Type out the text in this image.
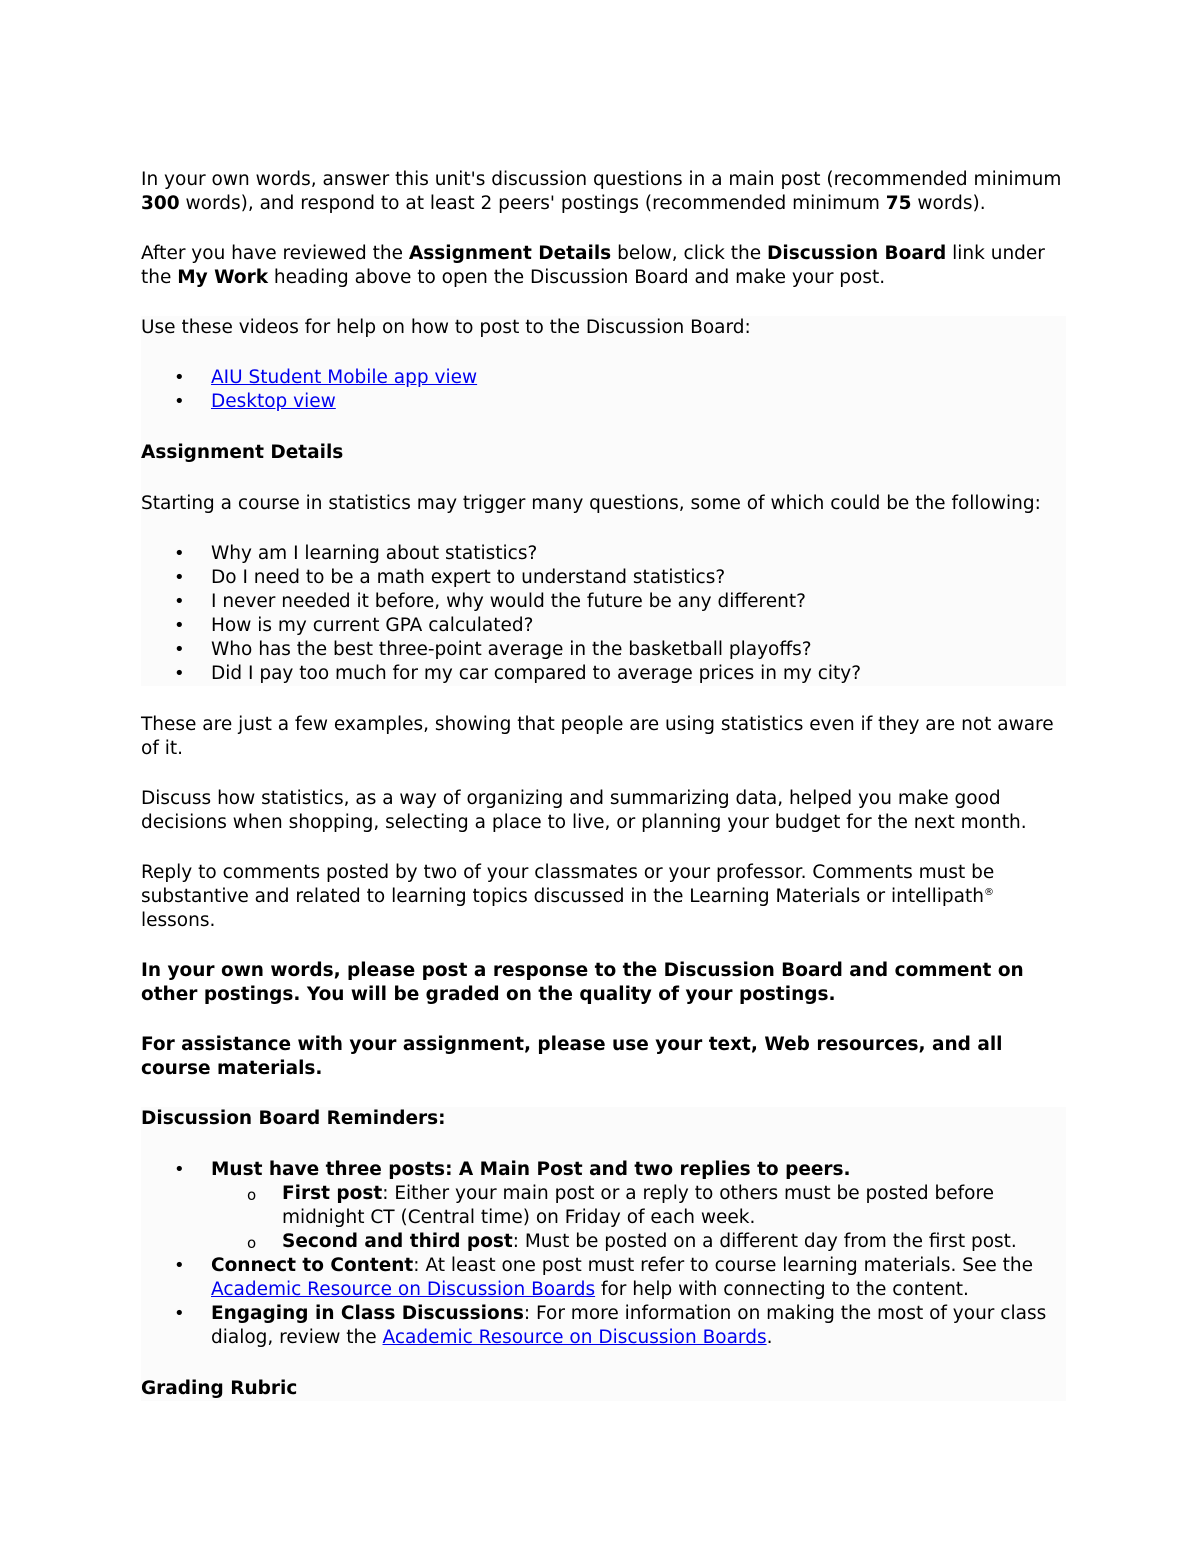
In your own words, answer this unit's discussion questions in a main post (recommended minimum 300 words), and respond to at least 2 peers' postings (recommended minimum 75 words).

After you have reviewed the Assignment Details below, click the Discussion Board link under the My Work heading above to open the Discussion Board and make your post.

Use these videos for help on how to post to the Discussion Board:

• AIU Student Mobile app view
• Desktop view
Assignment Details

Starting a course in statistics may trigger many questions, some of which could be the following:

• Why am I learning about statistics?
• Do I need to be a math expert to understand statistics?
• I never needed it before, why would the future be any different?
• How is my current GPA calculated?
• Who has the best three-point average in the basketball playoffs?
• Did I pay too much for my car compared to average prices in my city?

These are just a few examples, showing that people are using statistics even if they are not aware of it.

Discuss how statistics, as a way of organizing and summarizing data, helped you make good decisions when shopping, selecting a place to live, or planning your budget for the next month.

Reply to comments posted by two of your classmates or your professor. Comments must be substantive and related to learning topics discussed in the Learning Materials or intellipath® lessons.

In your own words, please post a response to the Discussion Board and comment on other postings. You will be graded on the quality of your postings.

For assistance with your assignment, please use your text, Web resources, and all course materials.

Discussion Board Reminders:
• Must have three posts: A Main Post and two replies to peers.
o First post: Either your main post or a reply to others must be posted before midnight CT (Central time) on Friday of each week.
o Second and third post: Must be posted on a different day from the first post.
• Connect to Content: At least one post must refer to course learning materials. See the Academic Resource on Discussion Boards for help with connecting to the content.
• Engaging in Class Discussions: For more information on making the most of your class dialog, review the Academic Resource on Discussion Boards.
Grading Rubric
